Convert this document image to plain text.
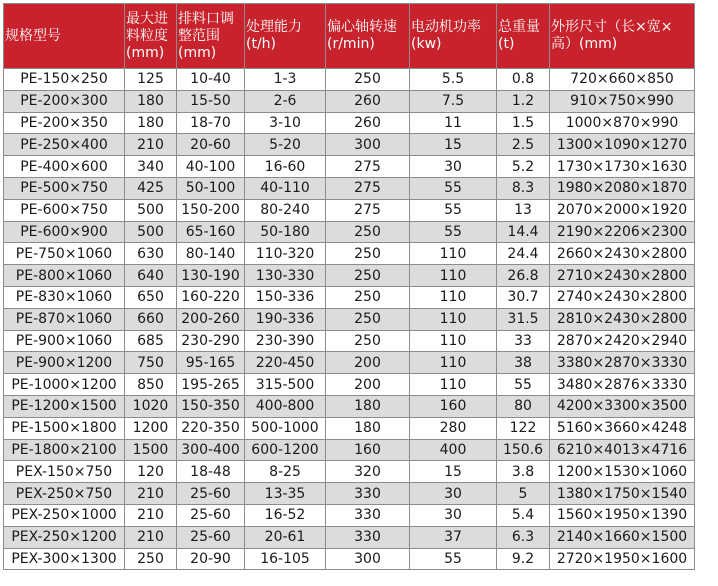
规格型号	最大进料粒度(mm)	排料口调整范围(mm)	处理能力(t/h)	偏心轴转速(r/min)	电动机功率(kw)	总重量(t)	外形尺寸（长×宽×高）(mm)
PE-150×250	125	10-40	1-3	250	5.5	0.8	720×660×850
PE-200×300	180	15-50	2-6	260	7.5	1.2	910×750×990
PE-200×350	180	18-70	3-10	260	11	1.5	1000×870×990
PE-250×400	210	20-60	5-20	300	15	2.5	1300×1090×1270
PE-400×600	340	40-100	16-60	275	30	5.2	1730×1730×1630
PE-500×750	425	50-100	40-110	275	55	8.3	1980×2080×1870
PE-600×750	500	150-200	80-240	275	55	13	2070×2000×1920
PE-600×900	500	65-160	50-180	250	55	14.4	2190×2206×2300
PE-750×1060	630	80-140	110-320	250	110	24.4	2660×2430×2800
PE-800×1060	640	130-190	130-330	250	110	26.8	2710×2430×2800
PE-830×1060	650	160-220	150-336	250	110	30.7	2740×2430×2800
PE-870×1060	660	200-260	190-336	250	110	31.5	2810×2430×2800
PE-900×1060	685	230-290	230-390	250	110	33	2870×2420×2940
PE-900×1200	750	95-165	220-450	200	110	38	3380×2870×3330
PE-1000×1200	850	195-265	315-500	200	110	55	3480×2876×3330
PE-1200×1500	1020	150-350	400-800	180	160	80	4200×3300×3500
PE-1500×1800	1200	220-350	500-1000	180	280	122	5160×3660×4248
PE-1800×2100	1500	300-400	600-1200	160	400	150.6	6210×4013×4716
PEX-150×750	120	18-48	8-25	320	15	3.8	1200×1530×1060
PEX-250×750	210	25-60	13-35	330	30	5	1380×1750×1540
PEX-250×1000	210	25-60	16-52	330	30	5.4	1560×1950×1390
PEX-250×1200	210	25-60	20-61	330	37	6.3	2140×1660×1500
PEX-300×1300	250	20-90	16-105	300	55	9.2	2720×1950×1600
